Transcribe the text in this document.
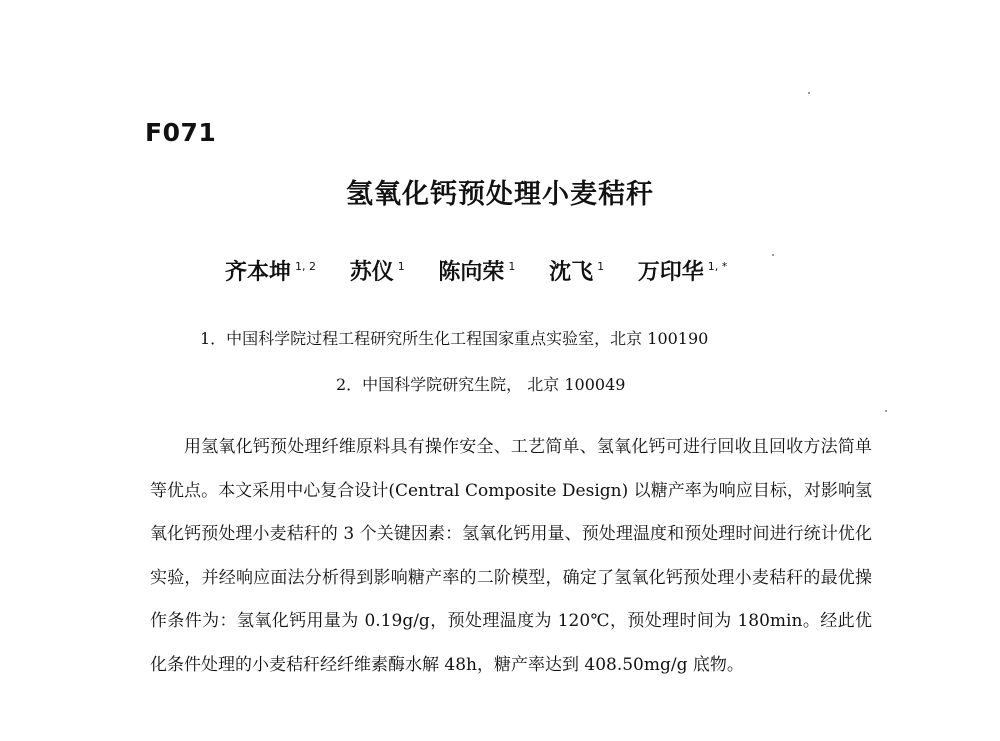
F071
氢氧化钙预处理小麦秸秆
齐本坤 $^{1, 2}$ 苏仪 $^1$ 陈向荣 $^1$ 沈飞 $^1$ 万印华 $^{1, *}$
1．中国科学院过程工程研究所生化工程国家重点实验室，北京 100190
2．中国科学院研究生院， 北京 100049

用氢氧化钙预处理纤维原料具有操作安全、工艺简单、氢氧化钙可进行回收且回收方法简单等优点。本文采用中心复合设计(Central Composite Design) 以糖产率为响应目标，对影响氢氧化钙预处理小麦秸秆的 3 个关键因素：氢氧化钙用量、预处理温度和预处理时间进行统计优化实验，并经响应面法分析得到影响糖产率的二阶模型，确定了氢氧化钙预处理小麦秸秆的最优操作条件为：氢氧化钙用量为 0.19g/g，预处理温度为 120℃，预处理时间为 180min。经此优化条件处理的小麦秸秆经纤维素酶水解 48h，糖产率达到 408.50mg/g 底物。
